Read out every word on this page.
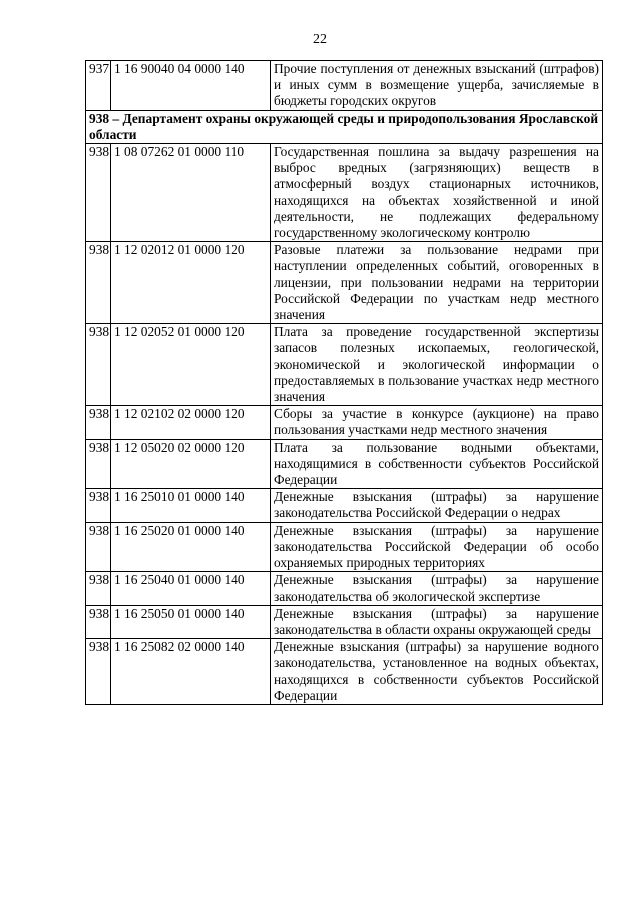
22
937	1 16 90040 04 0000 140	Прочие поступления от денежных взысканий (штрафов) и иных сумм в возмещение ущерба, зачисляемые в бюджеты городских округов
938 – Департамент охраны окружающей среды и природопользования Ярославской области		
938	1 08 07262 01 0000 110	Государственная пошлина за выдачу разрешения на выброс вредных (загрязняющих) веществ в атмосферный воздух стационарных источников, находящихся на объектах хозяйственной и иной деятельности, не подлежащих федеральному государственному экологическому контролю
938	1 12 02012 01 0000 120	Разовые платежи за пользование недрами при наступлении определенных событий, оговоренных в лицензии, при пользовании недрами на территории Российской Федерации по участкам недр местного значения
938	1 12 02052 01 0000 120	Плата за проведение государственной экспертизы запасов полезных ископаемых, геологической, экономической и экологической информации о предоставляемых в пользование участках недр местного значения
938	1 12 02102 02 0000 120	Сборы за участие в конкурсе (аукционе) на право пользования участками недр местного значения
938	1 12 05020 02 0000 120	Плата за пользование водными объектами, находящимися в собственности субъектов Российской Федерации
938	1 16 25010 01 0000 140	Денежные взыскания (штрафы) за нарушение законодательства Российской Федерации о недрах
938	1 16 25020 01 0000 140	Денежные взыскания (штрафы) за нарушение законодательства Российской Федерации об особо охраняемых природных территориях
938	1 16 25040 01 0000 140	Денежные взыскания (штрафы) за нарушение законодательства об экологической экспертизе
938	1 16 25050 01 0000 140	Денежные взыскания (штрафы) за нарушение законодательства в области охраны окружающей среды
938	1 16 25082 02 0000 140	Денежные взыскания (штрафы) за нарушение водного законодательства, установленное на водных объектах, находящихся в собственности субъектов Российской Федерации
